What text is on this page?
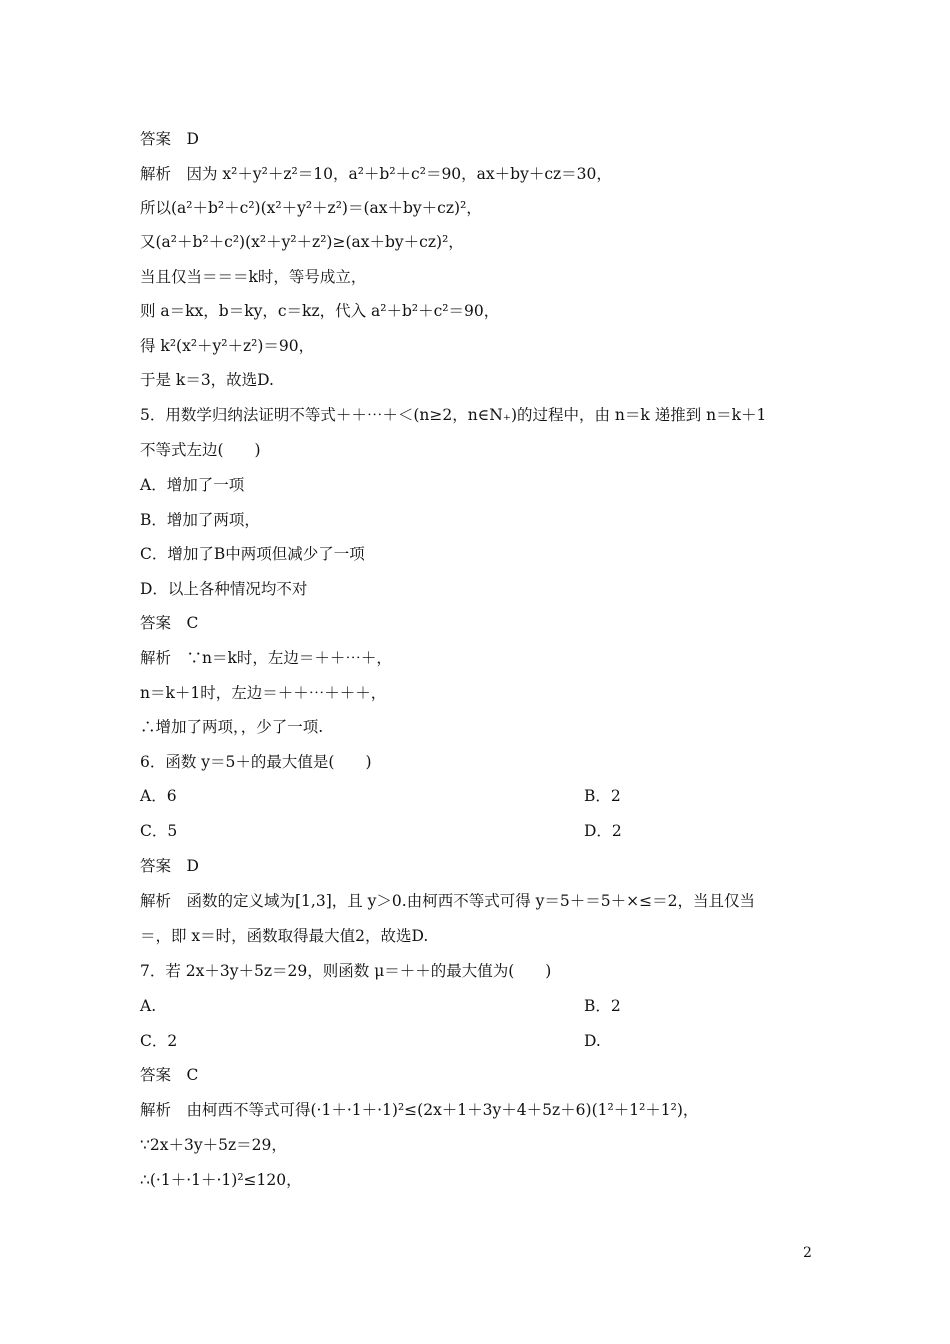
答案　D
解析　因为 x²＋y²＋z²＝10，a²＋b²＋c²＝90，ax＋by＋cz＝30，
所以(a²＋b²＋c²)(x²＋y²＋z²)＝(ax＋by＋cz)²，
又(a²＋b²＋c²)(x²＋y²＋z²)≥(ax＋by＋cz)²，
当且仅当＝＝＝k时，等号成立，
则 a＝kx，b＝ky，c＝kz，代入 a²＋b²＋c²＝90，
得 k²(x²＋y²＋z²)＝90，
于是 k＝3，故选D.
5．用数学归纳法证明不等式＋＋⋯＋＜(n≥2，n∈N₊)的过程中，由 n＝k 递推到 n＝k＋1
不等式左边(　　)
A．增加了一项
B．增加了两项，
C．增加了B中两项但减少了一项
D．以上各种情况均不对
答案　C
解析　∵n＝k时，左边＝＋＋⋯＋，
n＝k＋1时，左边＝＋＋⋯＋＋＋，
∴增加了两项，，少了一项.
6．函数 y＝5＋的最大值是(　　)
A．6	B．2
C．5	D．2
答案　D
解析　函数的定义域为[1,3]，且 y＞0.由柯西不等式可得 y＝5＋＝5＋×≤＝2，当且仅当
＝，即 x＝时，函数取得最大值2，故选D.
7．若 2x＋3y＋5z＝29，则函数 μ＝＋＋的最大值为(　　)
A.	B．2
C．2	D.
答案　C
解析　由柯西不等式可得(·1＋·1＋·1)²≤(2x＋1＋3y＋4＋5z＋6)(1²＋1²＋1²)，
∵2x＋3y＋5z＝29，
∴(·1＋·1＋·1)²≤120，
2
